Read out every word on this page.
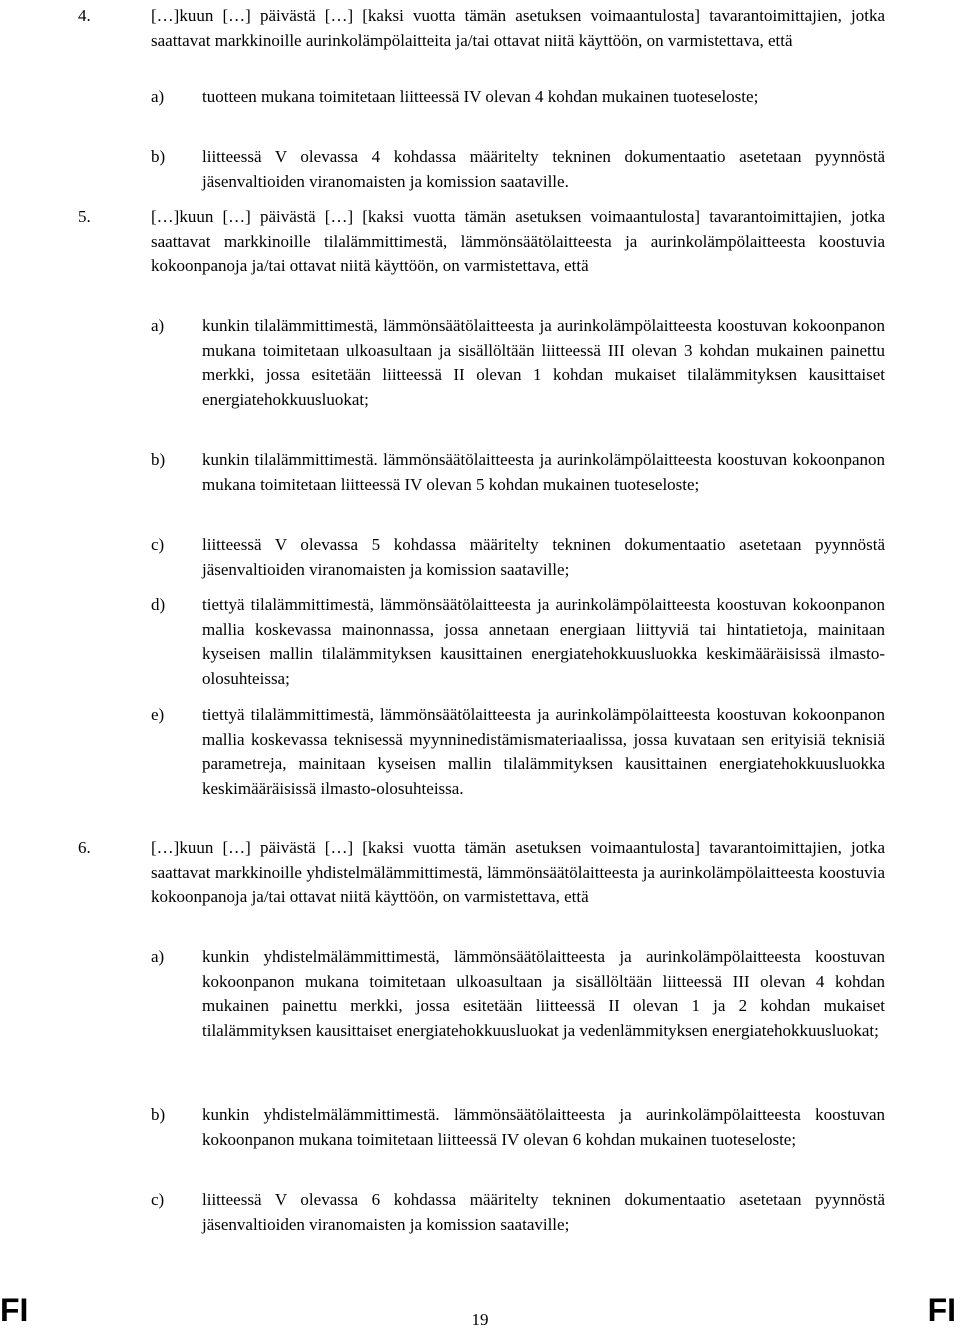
4.	[…]kuun […] päivästä […] [kaksi vuotta tämän asetuksen voimaantulosta] tavarantoimittajien, jotka saattavat markkinoille aurinkolämpölaitteita ja/tai ottavat niitä käyttöön, on varmistettava, että

a) tuotteen mukana toimitetaan liitteessä IV olevan 4 kohdan mukainen tuoteseloste;

b) liitteessä V olevassa 4 kohdassa määritelty tekninen dokumentaatio asetetaan pyynnöstä jäsenvaltioiden viranomaisten ja komission saataville.

5.	[…]kuun […] päivästä […] [kaksi vuotta tämän asetuksen voimaantulosta] tavarantoimittajien, jotka saattavat markkinoille tilalämmittimestä, lämmönsäätölaitteesta ja aurinkolämpölaitteesta koostuvia kokoonpanoja ja/tai ottavat niitä käyttöön, on varmistettava, että

a) kunkin tilalämmittimestä, lämmönsäätölaitteesta ja aurinkolämpölaitteesta koostuvan kokoonpanon mukana toimitetaan ulkoasultaan ja sisällöltään liitteessä III olevan 3 kohdan mukainen painettu merkki, jossa esitetään liitteessä II olevan 1 kohdan mukaiset tilalämmityksen kausittaiset energiatehokkuusluokat;

b) kunkin tilalämmittimestä. lämmönsäätölaitteesta ja aurinkolämpölaitteesta koostuvan kokoonpanon mukana toimitetaan liitteessä IV olevan 5 kohdan mukainen tuoteseloste;

c) liitteessä V olevassa 5 kohdassa määritelty tekninen dokumentaatio asetetaan pyynnöstä jäsenvaltioiden viranomaisten ja komission saataville;

d) tiettyä tilalämmittimestä, lämmönsäätölaitteesta ja aurinkolämpölaitteesta koostuvan kokoonpanon mallia koskevassa mainonnassa, jossa annetaan energiaan liittyviä tai hintatietoja, mainitaan kyseisen mallin tilalämmityksen kausittainen energiatehokkuusluokka keskimääräisissä ilmasto-olosuhteissa;

e) tiettyä tilalämmittimestä, lämmönsäätölaitteesta ja aurinkolämpölaitteesta koostuvan kokoonpanon mallia koskevassa teknisessä myynninedistämismateriaalissa, jossa kuvataan sen erityisiä teknisiä parametreja, mainitaan kyseisen mallin tilalämmityksen kausittainen energiatehokkuusluokka keskimääräisissä ilmasto-olosuhteissa.

6.	[…]kuun […] päivästä […] [kaksi vuotta tämän asetuksen voimaantulosta] tavarantoimittajien, jotka saattavat markkinoille yhdistelmälämmittimestä, lämmönsäätölaitteesta ja aurinkolämpölaitteesta koostuvia kokoonpanoja ja/tai ottavat niitä käyttöön, on varmistettava, että

a) kunkin yhdistelmälämmittimestä, lämmönsäätölaitteesta ja aurinkolämpölaitteesta koostuvan kokoonpanon mukana toimitetaan ulkoasultaan ja sisällöltään liitteessä III olevan 4 kohdan mukainen painettu merkki, jossa esitetään liitteessä II olevan 1 ja 2 kohdan mukaiset tilalämmityksen kausittaiset energiatehokkuusluokat ja vedenlämmityksen energiatehokkuusluokat;

b) kunkin yhdistelmälämmittimestä. lämmönsäätölaitteesta ja aurinkolämpölaitteesta koostuvan kokoonpanon mukana toimitetaan liitteessä IV olevan 6 kohdan mukainen tuoteseloste;

c) liitteessä V olevassa 6 kohdassa määritelty tekninen dokumentaatio asetetaan pyynnöstä jäsenvaltioiden viranomaisten ja komission saataville;

FI	19	FI
